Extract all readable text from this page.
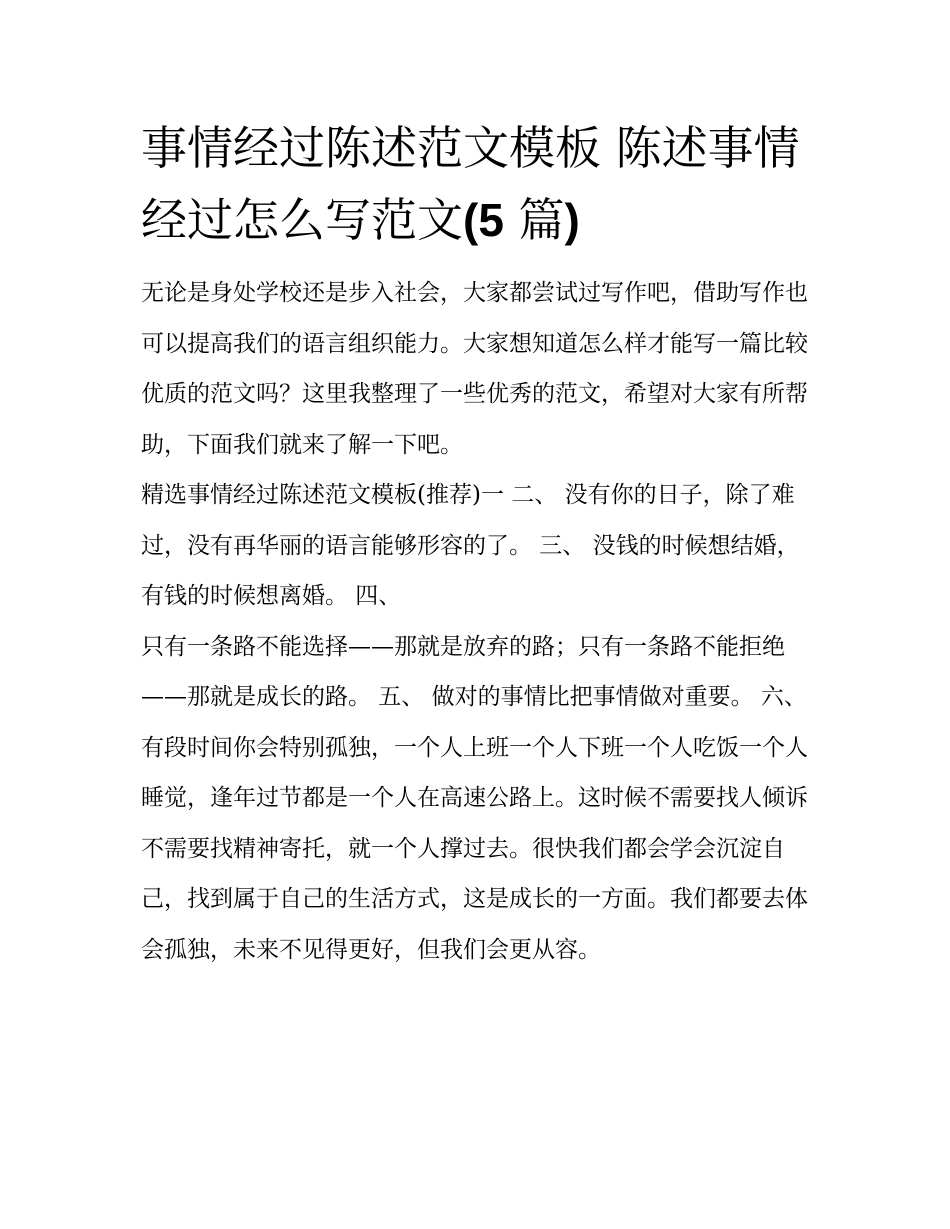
事情经过陈述范文模板 陈述事情经过怎么写范文(5 篇)

无论是身处学校还是步入社会，大家都尝试过写作吧，借助写作也可以提高我们的语言组织能力。大家想知道怎么样才能写一篇比较优质的范文吗？这里我整理了一些优秀的范文，希望对大家有所帮助，下面我们就来了解一下吧。

精选事情经过陈述范文模板(推荐)一 二、 没有你的日子，除了难过，没有再华丽的语言能够形容的了。 三、 没钱的时候想结婚，有钱的时候想离婚。 四、

只有一条路不能选择——那就是放弃的路；只有一条路不能拒绝——那就是成长的路。 五、 做对的事情比把事情做对重要。 六、

有段时间你会特别孤独，一个人上班一个人下班一个人吃饭一个人睡觉，逢年过节都是一个人在高速公路上。这时候不需要找人倾诉不需要找精神寄托，就一个人撑过去。很快我们都会学会沉淀自己，找到属于自己的生活方式，这是成长的一方面。我们都要去体会孤独，未来不见得更好，但我们会更从容。
